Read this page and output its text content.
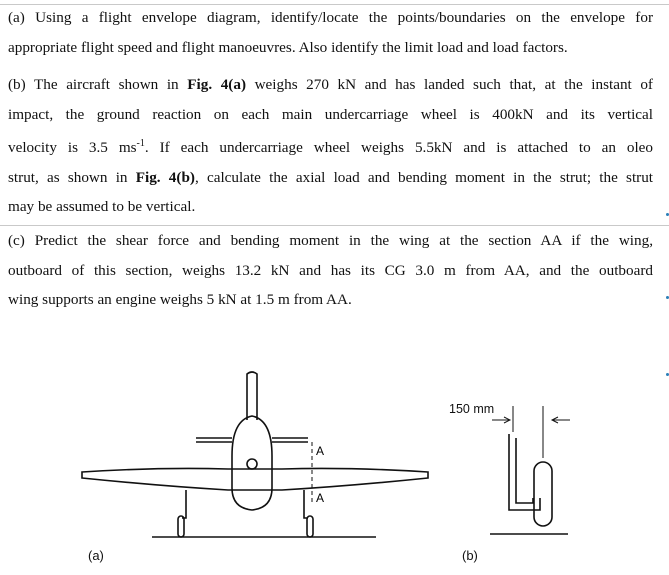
(a) Using a flight envelope diagram, identify/locate the points/boundaries on the envelope for
appropriate flight speed and flight manoeuvres. Also identify the limit load and load factors.
(b) The aircraft shown in Fig. 4(a) weighs 270 kN and has landed such that, at the instant of
impact, the ground reaction on each main undercarriage wheel is 400kN and its vertical
velocity is 3.5 $ms^{-1}$. If each undercarriage wheel weighs 5.5kN and is attached to an oleo
strut, as shown in Fig. 4(b), calculate the axial load and bending moment in the strut; the strut
may be assumed to be vertical.
(c) Predict the shear force and bending moment in the wing at the section AA if the wing,
outboard of this section, weighs 13.2 kN and has its CG 3.0 m from AA, and the outboard
wing supports an engine weighs 5 kN at 1.5 m from AA.
A
A
(a)
150 mm
(b)
